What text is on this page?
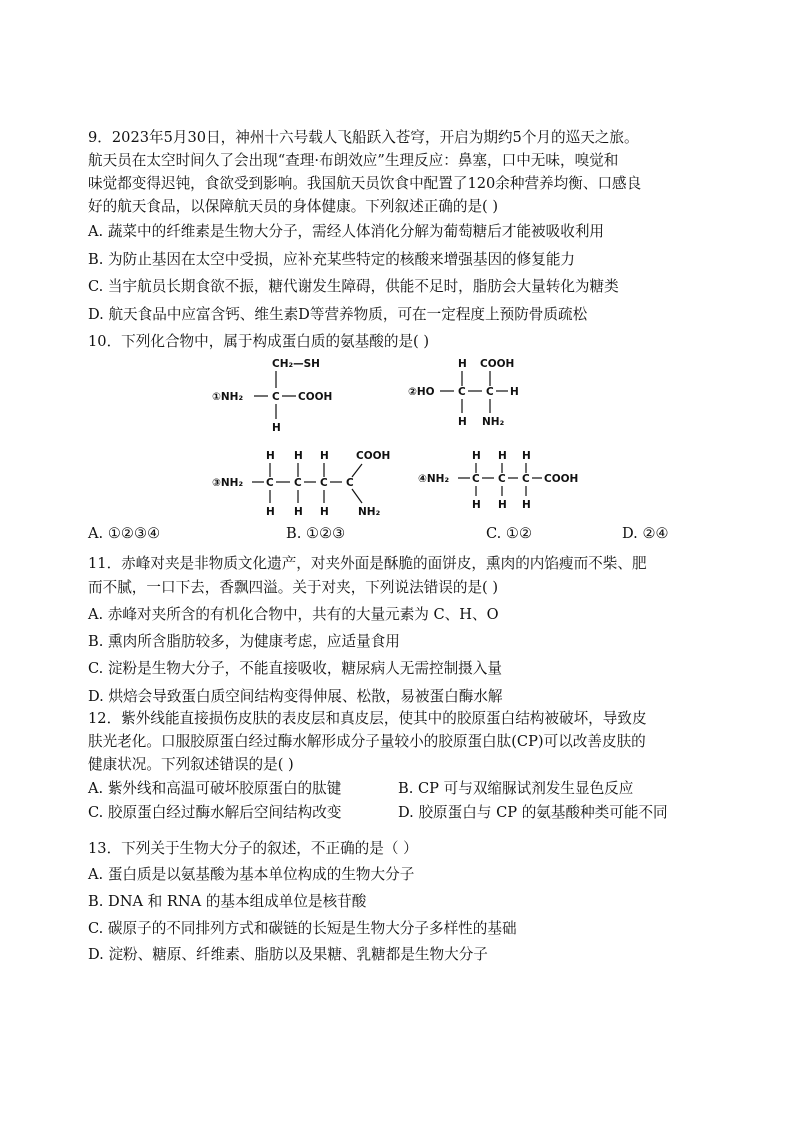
9．2023年5月30日，神州十六号载人飞船跃入苍穹，开启为期约5个月的巡天之旅。
航天员在太空时间久了会出现“查理·布朗效应”生理反应：鼻塞，口中无味，嗅觉和
味觉都变得迟钝，食欲受到影响。我国航天员饮食中配置了120余种营养均衡、口感良
好的航天食品，以保障航天员的身体健康。下列叙述正确的是( )
A. 蔬菜中的纤维素是生物大分子，需经人体消化分解为葡萄糖后才能被吸收利用
B. 为防止基因在太空中受损，应补充某些特定的核酸来增强基因的修复能力
C. 当宇航员长期食欲不振，糖代谢发生障碍，供能不足时，脂肪会大量转化为糖类
D. 航天食品中应富含钙、维生素D等营养物质，可在一定程度上预防骨质疏松
10．下列化合物中，属于构成蛋白质的氨基酸的是( )
CH₂—SH
①NH₂	C COOH
H
H COOH
②HO C C H
H NH₂
H H H	COOH
③NH₂ C C C C
H H H	NH₂
H H H
④NH₂ C C C COOH
H H H
A. ①②③④	B. ①②③	C. ①②	D. ②④
11．赤峰对夹是非物质文化遗产，对夹外面是酥脆的面饼皮，熏肉的内馅瘦而不柴、肥
而不腻，一口下去，香飘四溢。关于对夹，下列说法错误的是( )
A. 赤峰对夹所含的有机化合物中，共有的大量元素为 C、H、O
B. 熏肉所含脂肪较多，为健康考虑，应适量食用
C. 淀粉是生物大分子，不能直接吸收，糖尿病人无需控制摄入量
D. 烘焙会导致蛋白质空间结构变得伸展、松散，易被蛋白酶水解
12．紫外线能直接损伤皮肤的表皮层和真皮层，使其中的胶原蛋白结构被破坏，导致皮
肤光老化。口服胶原蛋白经过酶水解形成分子量较小的胶原蛋白肽(CP)可以改善皮肤的
健康状况。下列叙述错误的是( )
A. 紫外线和高温可破坏胶原蛋白的肽键	B. CP 可与双缩脲试剂发生显色反应
C. 胶原蛋白经过酶水解后空间结构改变	D. 胶原蛋白与 CP 的氨基酸种类可能不同
13．下列关于生物大分子的叙述，不正确的是（ ）
A. 蛋白质是以氨基酸为基本单位构成的生物大分子
B. DNA 和 RNA 的基本组成单位是核苷酸
C. 碳原子的不同排列方式和碳链的长短是生物大分子多样性的基础
D. 淀粉、糖原、纤维素、脂肪以及果糖、乳糖都是生物大分子
